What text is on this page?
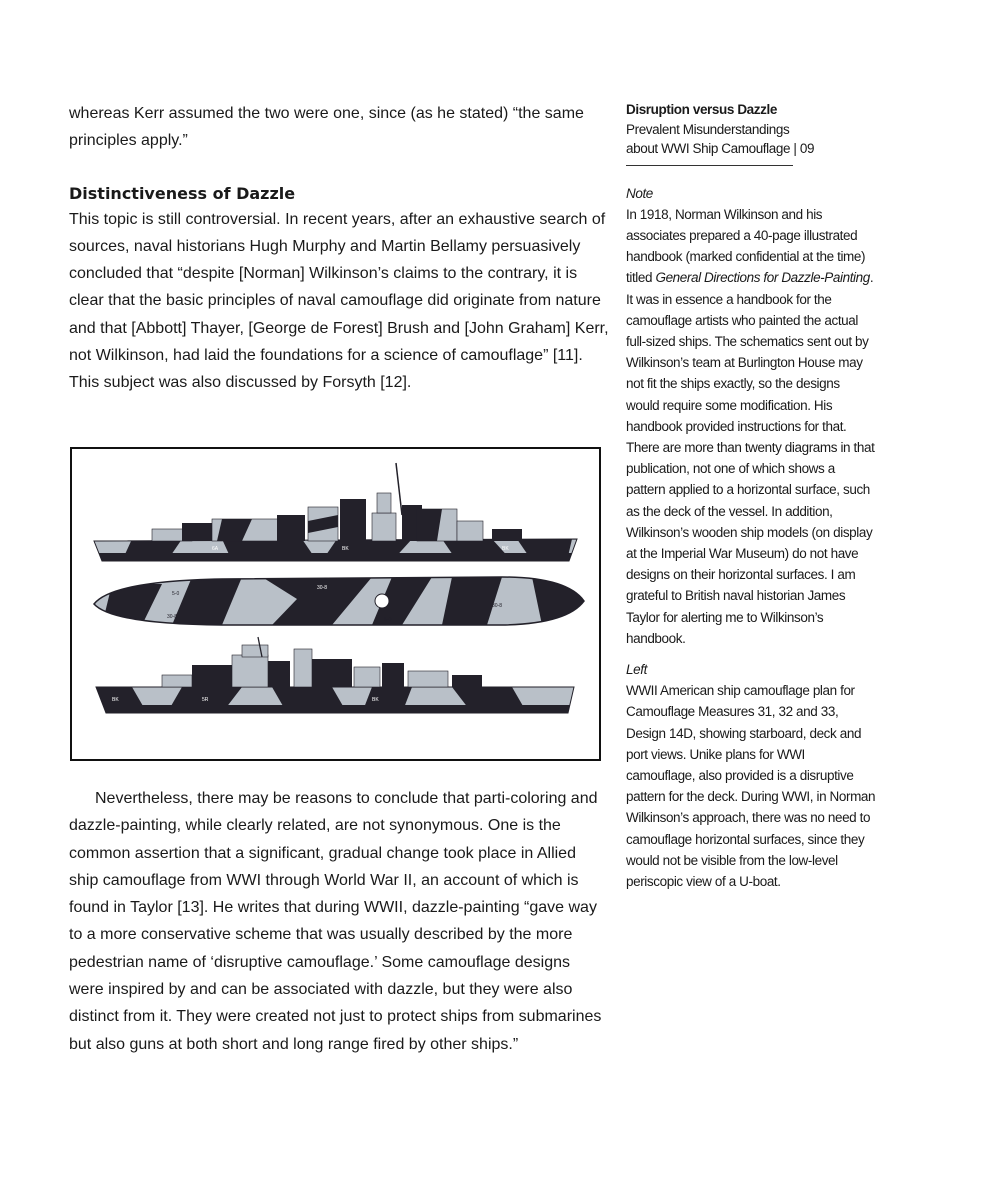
whereas Kerr assumed the two were one, since (as he stated) “the same principles apply.”

Distinctiveness of Dazzle

This topic is still controversial. In recent years, after an exhaustive search of sources, naval historians Hugh Murphy and Martin Bellamy persuasively concluded that “despite [Norman] Wilkinson’s claims to the contrary, it is clear that the basic principles of naval camouflage did originate from nature and that [Abbott] Thayer, [George de Forest] Brush and [John Graham] Kerr, not Wilkinson, had laid the foundations for a science of camouflage” [11]. This subject was also discussed by Forsyth [12].

6A	BK	BK
5-0
30-8
30-8	5-0
30-8
BK	5R	BK

Nevertheless, there may be reasons to conclude that parti-coloring and dazzle-painting, while clearly related, are not synonymous. One is the common assertion that a significant, gradual change took place in Allied ship camouflage from WWI through World War II, an account of which is found in Taylor [13]. He writes that during WWII, dazzle-painting “gave way to a more conservative scheme that was usually described by the more pedestrian name of ‘disruptive camouflage.’ Some camouflage designs were inspired by and can be associated with dazzle, but they were also distinct from it. They were created not just to protect ships from submarines but also guns at both short and long range fired by other ships.”

Disruption versus Dazzle

Prevalent Misunderstandings

about WWI Ship Camouflage | 09

Note

In 1918, Norman Wilkinson and his associates prepared a 40-page illustrated handbook (marked confidential at the time) titled General Directions for Dazzle-Painting. It was in essence a handbook for the camouflage artists who painted the actual full-sized ships. The schematics sent out by Wilkinson’s team at Burlington House may not fit the ships exactly, so the designs would require some modification. His handbook provided instructions for that. There are more than twenty diagrams in that publication, not one of which shows a pattern applied to a horizontal surface, such as the deck of the vessel. In addition, Wilkinson’s wooden ship models (on display at the Imperial War Museum) do not have designs on their horizontal surfaces. I am grateful to British naval historian James Taylor for alerting me to Wilkinson’s handbook.

Left

WWII American ship camouflage plan for Camouflage Measures 31, 32 and 33, Design 14D, showing starboard, deck and port views. Unike plans for WWI camouflage, also provided is a disruptive pattern for the deck. During WWI, in Norman Wilkinson’s approach, there was no need to camouflage horizontal surfaces, since they would not be visible from the low-level periscopic view of a U-boat.
